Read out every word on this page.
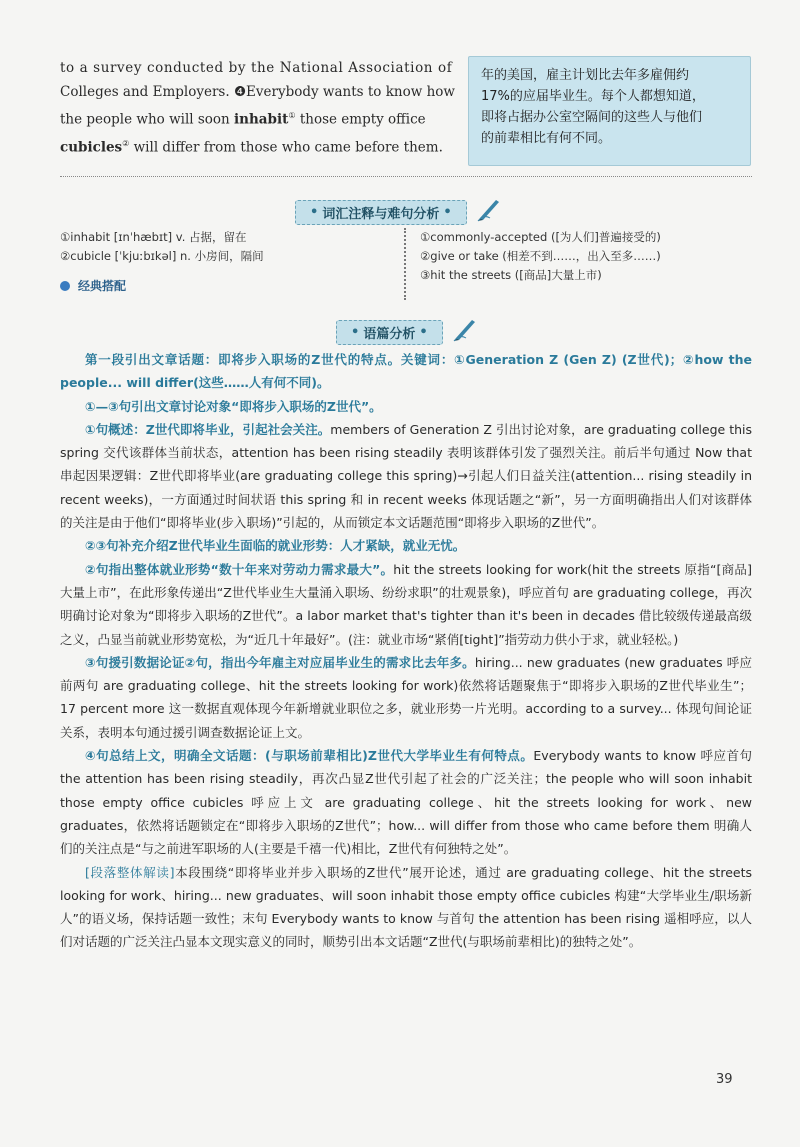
to a survey conducted by the National Association of

Colleges and Employers. ❹Everybody wants to know how

the people who will soon inhabit① those empty office

cubicles② will differ from those who came before them.

年的美国，雇主计划比去年多雇佣约

17%的应届毕业生。每个人都想知道，

即将占据办公室空隔间的这些人与他们

的前辈相比有何不同。

• 词汇注释与难句分析 •

①inhabit [ɪnˈhæbɪt] v. 占据，留在

②cubicle [ˈkjuːbɪkəl] n. 小房间，隔间

①commonly-accepted ([为人们]普遍接受的)

②give or take (相差不到……，出入至多……)

③hit the streets ([商品]大量上市)

经典搭配
• 语篇分析 •

第一段引出文章话题：即将步入职场的Z世代的特点。关键词：①Generation Z (Gen Z) (Z世代)；②how the people... will differ(这些……人有何不同)。

①—③句引出文章讨论对象“即将步入职场的Z世代”。

①句概述：Z世代即将毕业，引起社会关注。members of Generation Z 引出讨论对象，are graduating college this spring 交代该群体当前状态，attention has been rising steadily 表明该群体引发了强烈关注。前后半句通过 Now that 串起因果逻辑：Z世代即将毕业(are graduating college this spring)→引起人们日益关注(attention... rising steadily in recent weeks)，一方面通过时间状语 this spring 和 in recent weeks 体现话题之“新”，另一方面明确指出人们对该群体的关注是由于他们“即将毕业(步入职场)”引起的，从而锁定本文话题范围“即将步入职场的Z世代”。

②③句补充介绍Z世代毕业生面临的就业形势：人才紧缺，就业无忧。

②句指出整体就业形势“数十年来对劳动力需求最大”。hit the streets looking for work(hit the streets 原指“[商品]大量上市”，在此形象传递出“Z世代毕业生大量涌入职场、纷纷求职”的壮观景象)，呼应首句 are graduating college，再次明确讨论对象为“即将步入职场的Z世代”。a labor market that's tighter than it's been in decades 借比较级传递最高级之义，凸显当前就业形势宽松，为“近几十年最好”。(注：就业市场“紧俏[tight]”指劳动力供小于求，就业轻松。)

③句援引数据论证②句，指出今年雇主对应届毕业生的需求比去年多。hiring... new graduates (new graduates 呼应前两句 are graduating college、hit the streets looking for work)依然将话题聚焦于“即将步入职场的Z世代毕业生”；17 percent more 这一数据直观体现今年新增就业职位之多，就业形势一片光明。according to a survey... 体现句间论证关系，表明本句通过援引调查数据论证上文。

④句总结上文，明确全文话题：(与职场前辈相比)Z世代大学毕业生有何特点。Everybody wants to know 呼应首句 the attention has been rising steadily，再次凸显Z世代引起了社会的广泛关注；the people who will soon inhabit those empty office cubicles 呼应上文 are graduating college、hit the streets looking for work、new graduates，依然将话题锁定在“即将步入职场的Z世代”；how... will differ from those who came before them 明确人们的关注点是“与之前进军职场的人(主要是千禧一代)相比，Z世代有何独特之处”。

[段落整体解读]本段围绕“即将毕业并步入职场的Z世代”展开论述，通过 are graduating college、hit the streets looking for work、hiring... new graduates、will soon inhabit those empty office cubicles 构建“大学毕业生/职场新人”的语义场，保持话题一致性；末句 Everybody wants to know 与首句 the attention has been rising 遥相呼应，以人们对话题的广泛关注凸显本文现实意义的同时，顺势引出本文话题“Z世代(与职场前辈相比)的独特之处”。

39
